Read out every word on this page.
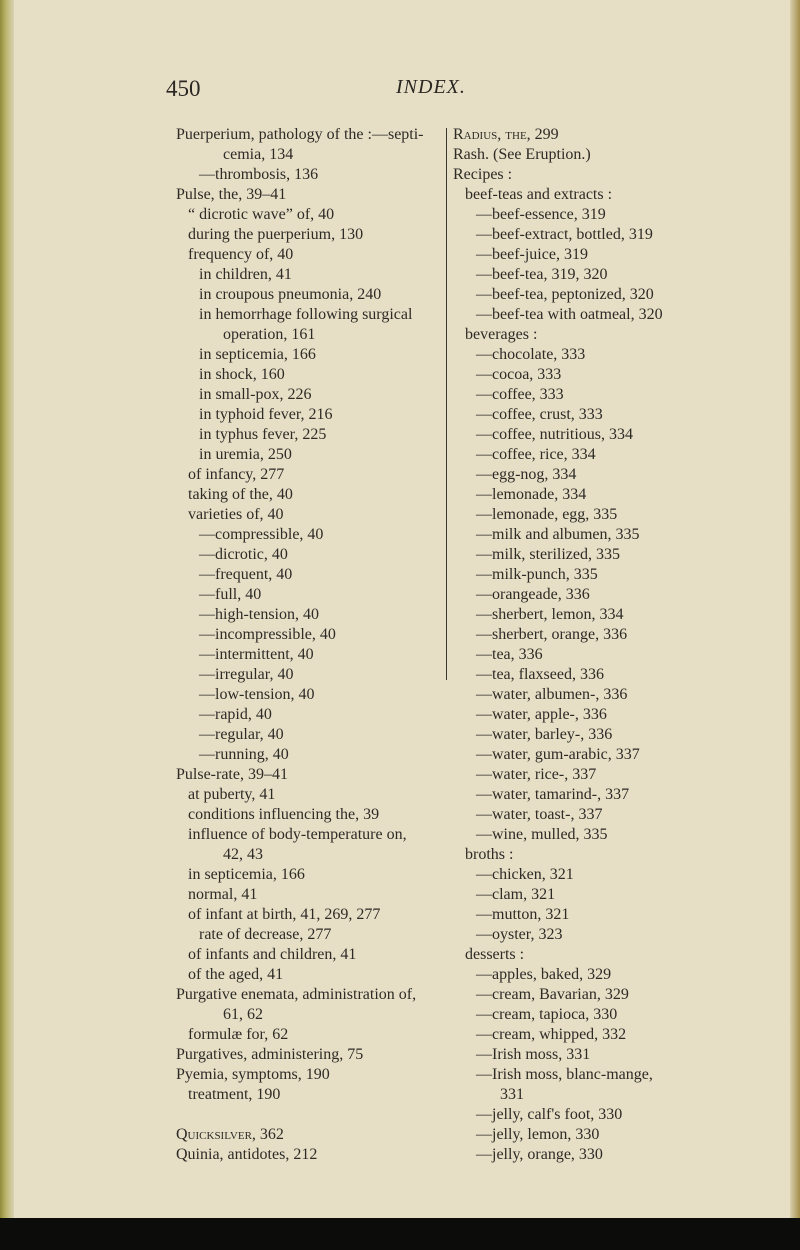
450	INDEX.
Puerperium, pathology of the :—septi-
cemia, 134
—thrombosis, 136
Pulse, the, 39–41
“ dicrotic wave” of, 40
during the puerperium, 130
frequency of, 40
in children, 41
in croupous pneumonia, 240
in hemorrhage following surgical
operation, 161
in septicemia, 166
in shock, 160
in small-pox, 226
in typhoid fever, 216
in typhus fever, 225
in uremia, 250
of infancy, 277
taking of the, 40
varieties of, 40
—compressible, 40
—dicrotic, 40
—frequent, 40
—full, 40
—high-tension, 40
—incompressible, 40
—intermittent, 40
—irregular, 40
—low-tension, 40
—rapid, 40
—regular, 40
—running, 40
Pulse-rate, 39–41
at puberty, 41
conditions influencing the, 39
influence of body-temperature on,
42, 43
in septicemia, 166
normal, 41
of infant at birth, 41, 269, 277
rate of decrease, 277
of infants and children, 41
of the aged, 41
Purgative enemata, administration of,
61, 62
formulæ for, 62
Purgatives, administering, 75
Pyemia, symptoms, 190
treatment, 190
Quicksilver, 362
Quinia, antidotes, 212
Radius, the, 299
Rash. (See Eruption.)
Recipes :
beef-teas and extracts :
—beef-essence, 319
—beef-extract, bottled, 319
—beef-juice, 319
—beef-tea, 319, 320
—beef-tea, peptonized, 320
—beef-tea with oatmeal, 320
beverages :
—chocolate, 333
—cocoa, 333
—coffee, 333
—coffee, crust, 333
—coffee, nutritious, 334
—coffee, rice, 334
—egg-nog, 334
—lemonade, 334
—lemonade, egg, 335
—milk and albumen, 335
—milk, sterilized, 335
—milk-punch, 335
—orangeade, 336
—sherbert, lemon, 334
—sherbert, orange, 336
—tea, 336
—tea, flaxseed, 336
—water, albumen-, 336
—water, apple-, 336
—water, barley-, 336
—water, gum-arabic, 337
—water, rice-, 337
—water, tamarind-, 337
—water, toast-, 337
—wine, mulled, 335
broths :
—chicken, 321
—clam, 321
—mutton, 321
—oyster, 323
desserts :
—apples, baked, 329
—cream, Bavarian, 329
—cream, tapioca, 330
—cream, whipped, 332
—Irish moss, 331
—Irish moss, blanc-mange,
331
—jelly, calf's foot, 330
—jelly, lemon, 330
—jelly, orange, 330
